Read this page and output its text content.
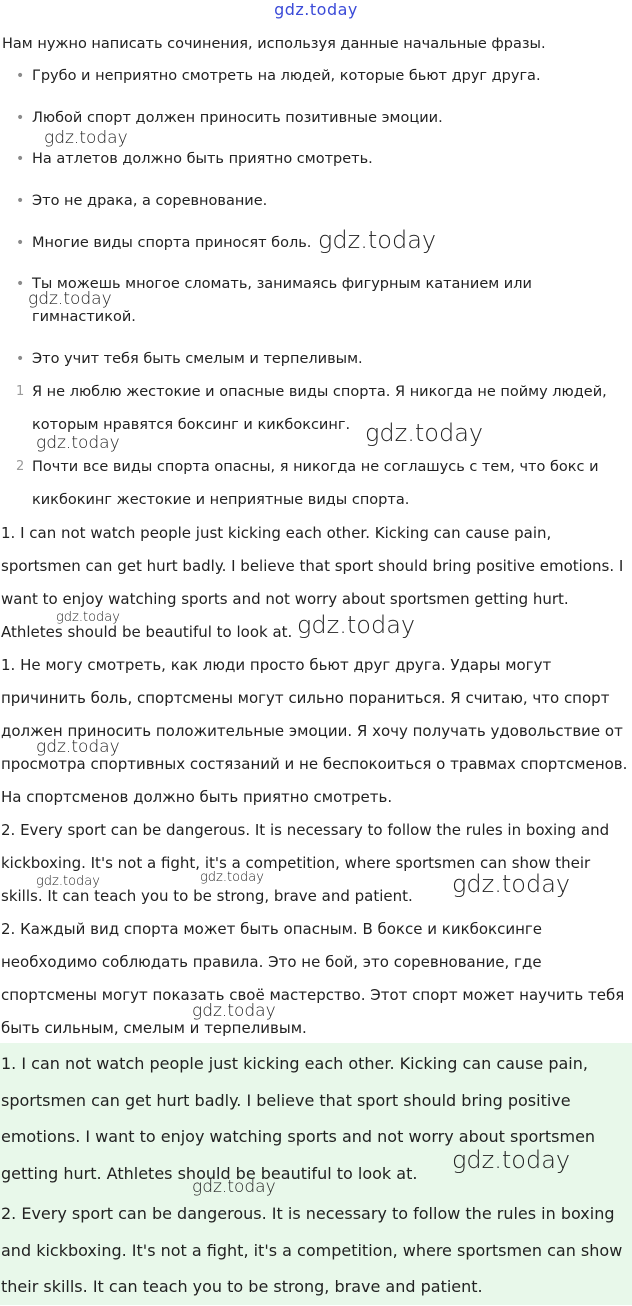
gdz.today
Нам нужно написать сочинения, используя данные начальные фразы.
• Грубо и неприятно смотреть на людей, которые бьют друг друга.
• Любой спорт должен приносить позитивные эмоции.
• На атлетов должно быть приятно смотреть.
• Это не драка, а соревнование.
• Многие виды спорта приносят боль.
• Ты можешь многое сломать, занимаясь фигурным катанием или гимнастикой.
• Это учит тебя быть смелым и терпеливым.
1 Я не люблю жестокие и опасные виды спорта. Я никогда не пойму людей, которым нравятся боксинг и кикбоксинг.
2 Почти все виды спорта опасны, я никогда не соглашусь с тем, что бокс и кикбокинг жестокие и неприятные виды спорта.
1. I can not watch people just kicking each other. Kicking can cause pain, sportsmen can get hurt badly. I believe that sport should bring positive emotions. I want to enjoy watching sports and not worry about sportsmen getting hurt. Athletes should be beautiful to look at.
1. Не могу смотреть, как люди просто бьют друг друга. Удары могут причинить боль, спортсмены могут сильно пораниться. Я считаю, что спорт должен приносить положительные эмоции. Я хочу получать удовольствие от просмотра спортивных состязаний и не беспокоиться о травмах спортсменов. На спортсменов должно быть приятно смотреть.
2. Every sport can be dangerous. It is necessary to follow the rules in boxing and kickboxing. It's not a fight, it's a competition, where sportsmen can show their skills. It can teach you to be strong, brave and patient.
2. Каждый вид спорта может быть опасным. В боксе и кикбоксинге необходимо соблюдать правила. Это не бой, это соревнование, где спортсмены могут показать своё мастерство. Этот спорт может научить тебя быть сильным, смелым и терпеливым.
1. I can not watch people just kicking each other. Kicking can cause pain, sportsmen can get hurt badly. I believe that sport should bring positive emotions. I want to enjoy watching sports and not worry about sportsmen getting hurt. Athletes should be beautiful to look at.
2. Every sport can be dangerous. It is necessary to follow the rules in boxing and kickboxing. It's not a fight, it's a competition, where sportsmen can show their skills. It can teach you to be strong, brave and patient.
gdz.today
gdz.today
gdz.today
gdz.today	gdz.today
gdz.today	gdz.today
gdz.today
gdz.today	gdz.today	gdz.today
gdz.today
gdz.today
gdz.today
